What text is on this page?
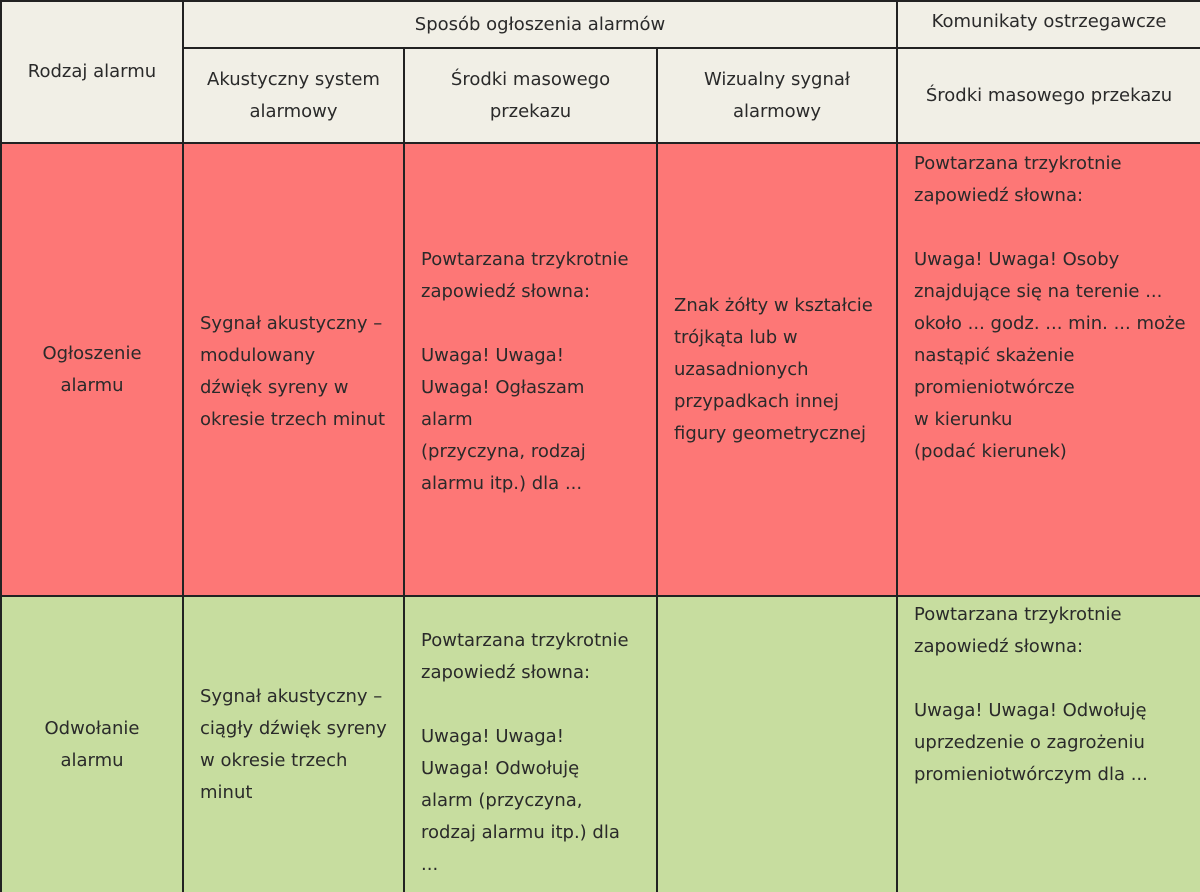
Rodzaj alarmu
Sposób ogłoszenia alarmów	Komunikaty ostrzegawcze
Akustyczny system
alarmowy
Środki masowego
przekazu
Wizualny sygnał
alarmowy
Środki masowego przekazu
Ogłoszenie
alarmu
Sygnał akustyczny –
modulowany
dźwięk syreny w
okresie trzech minut
Powtarzana trzykrotnie
zapowiedź słowna:

Uwaga! Uwaga!
Uwaga! Ogłaszam
alarm
(przyczyna, rodzaj
alarmu itp.) dla ...
Znak żółty w kształcie
trójkąta lub w
uzasadnionych
przypadkach innej
figury geometrycznej
Powtarzana trzykrotnie
zapowiedź słowna:

Uwaga! Uwaga! Osoby
znajdujące się na terenie ...
około ... godz. ... min. ... może
nastąpić skażenie
promieniotwórcze
w kierunku
(podać kierunek)
Odwołanie
alarmu
Sygnał akustyczny –
ciągły dźwięk syreny
w okresie trzech
minut
Powtarzana trzykrotnie
zapowiedź słowna:

Uwaga! Uwaga!
Uwaga! Odwołuję
alarm (przyczyna,
rodzaj alarmu itp.) dla
...
Powtarzana trzykrotnie
zapowiedź słowna:

Uwaga! Uwaga! Odwołuję
uprzedzenie o zagrożeniu
promieniotwórczym dla ...
